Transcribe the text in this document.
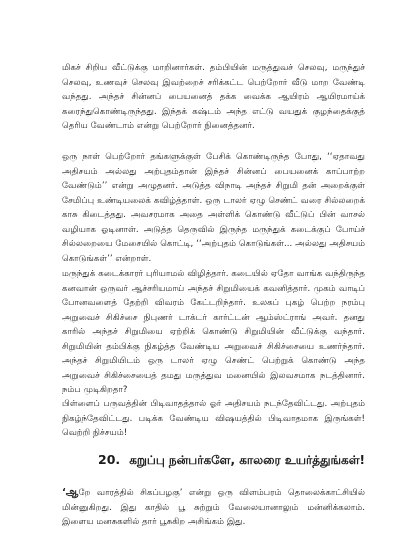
மிகச் சிறிய வீட்டுக்கு மாறினார்கள். தம்பியின் மருத்துவச் செலவு, மருந்துச்
செலவு, உணவுச் செலவு இவற்றைச் சரிக்கட்ட பெற்றோர் வீடு மாற வேண்டி
வந்தது. அந்தச் சின்னப் பையனைத் தக்க வைக்க ஆயிரம் ஆயிரமாய்க்
கரைந்துகொண்டிருந்தது. இந்தக் கஷ்டம் அந்த எட்டு வயதுக் குழந்தைக்குத்
தெரிய வேண்டாம் என்று பெற்றோர் நினைத்தனர்.
ஒரு நாள் பெற்றோர் தங்களுக்குள் பேசிக் கொண்டிருந்த போது, ‘‘ஏதாவது
அதிசயம் அல்லது அற்புதம்தான் இந்தச் சின்னப் பையனைக் காப்பாற்ற
வேண்டும்’’ என்று அழுதனர். அடுத்த விநாடி அந்தச் சிறுமி தன் அறைக்குள்
சேமிப்பு உண்டியலைக் கவிழ்த்தாள். ஒரு டாலர் ஏழு செண்ட் வரை சில்லறைக்
காசு கிடைத்தது. அவசரமாக அதை அள்ளிக் கொண்டு வீட்டுப் பின் வாசல்
வழியாக ஓடினாள். அடுத்த தெருவில் இருந்த மருந்துக் கடைக்குப் போய்ச்
சில்லறையை மேசையில் கொட்டி, ‘‘அற்புதம் கொடுங்கள்... அல்லது அதிசயம்
கொடுங்கள்’’ என்றாள்.
மருந்துக் கடைக்காரர் புரியாமல் விழித்தார். கடையில் ஏதோ வாங்க வந்திருந்த
கனவான் ஒருவர் ஆச்சரியமாய் அந்தச் சிறுமியைக் கவனித்தார். முகம் வாடிப்
போனவளைத் தேற்றி விவரம் கேட்டறிந்தார். உலகப் புகழ் பெற்ற நரம்பு
அறுவைச் சிகிச்சை நிபுணர் டாக்டர் கார்ட்டன் ஆம்ஸ்ட்ராங் அவர். தனது
காரில் அந்தச் சிறுமியை ஏற்றிக் கொண்டு சிறுமியின் வீட்டுக்கு வந்தார்.
சிறுமியின் தம்பிக்கு நிகழ்த்த வேண்டிய அறுவைச் சிகிச்சையை உணர்ந்தார்.
அந்தச் சிறுமியிடம் ஒரு டாலர் ஏழு செண்ட் பெற்றுக் கொண்டு அந்த
அறுவைச் சிகிச்சையைத் தமது மருத்துவ மனையில் இலவசமாக நடத்தினார்.
நம்ப முடிகிறதா?
பிள்ளைப் பருவத்தின் பிடிவாதத்தால் ஓர் அதிசயம் நடந்தேவிட்டது. அற்புதம்
நிகழ்ந்தேவிட்டது. படிக்க வேண்டிய விஷயத்தில் பிடிவாதமாக இருங்கள்!
வெற்றி நிச்சயம்!
20. கறுப்பு நன்பர்களே, காலரை உயர்த்துங்கள்!
‘ஆறே வாரத்தில் சிகப்பழகு’ என்று ஒரு விளம்பரம் தொலைக்காட்சியில்
மின்னுகிறது. இது காதில் பூ சுற்றும் வேலையானாலும் மன்னிக்கலாம்.
இளைய மனசுகளில் தார் பூசுகிற அசிங்கம் இது.
